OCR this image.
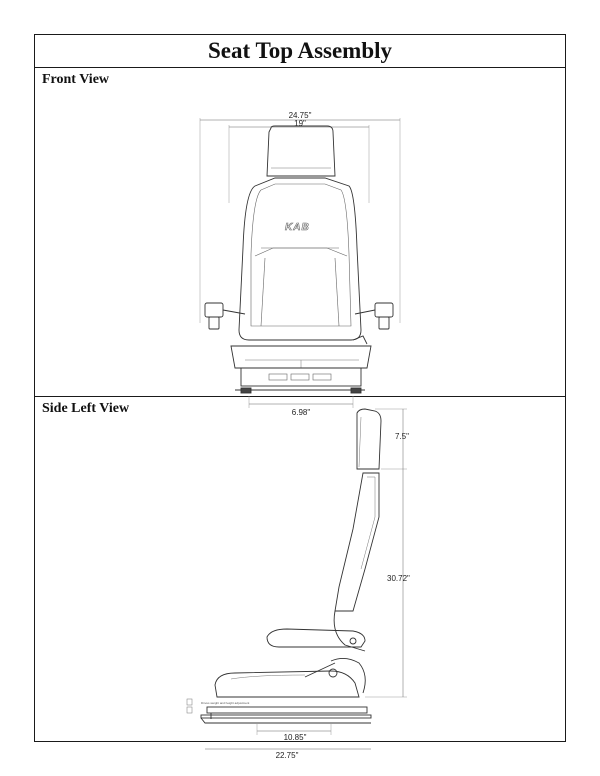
Seat Top Assembly
Front View
KAB
24.75"
19"
6.98"
Side Left View
Drives weight and height adjustment
7.5"
30.72"
10.85"
22.75"
